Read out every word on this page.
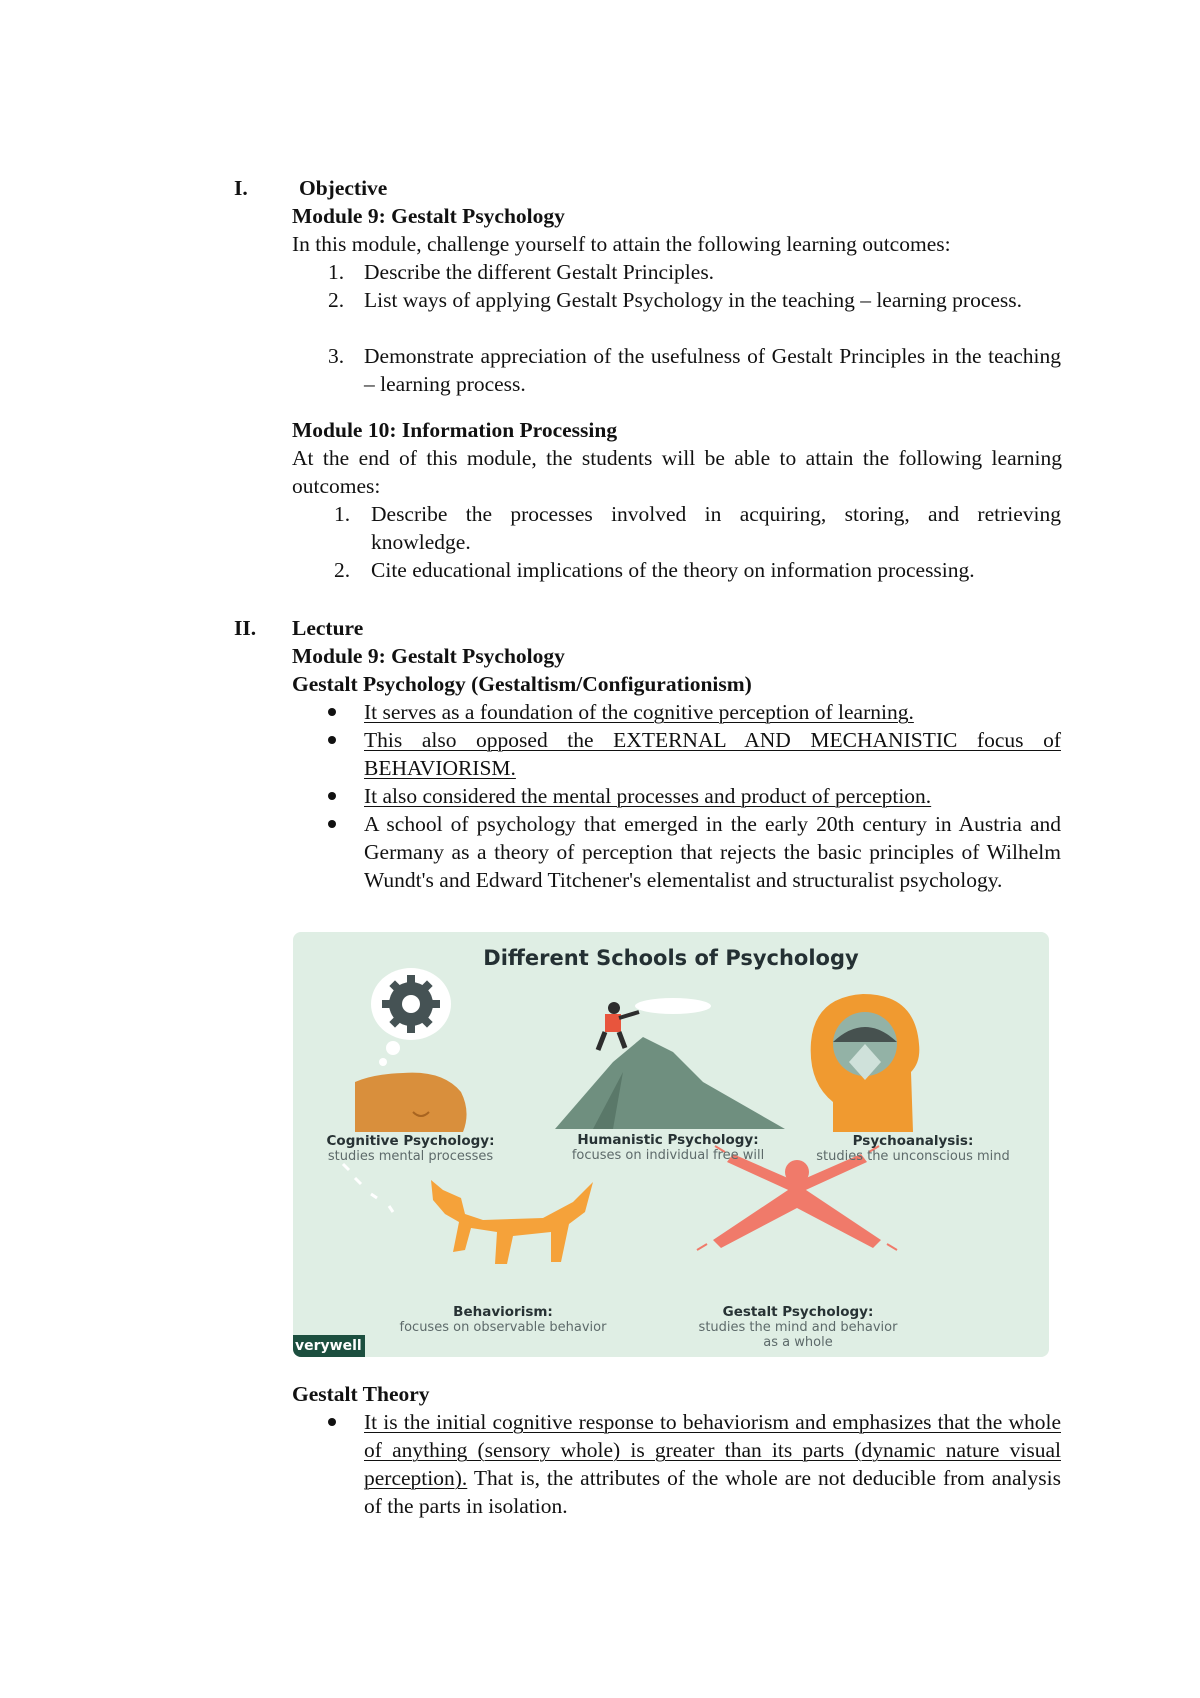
I.	Objective
Module 9: Gestalt Psychology
In this module, challenge yourself to attain the following learning outcomes:
1. Describe the different Gestalt Principles.
2. List ways of applying Gestalt Psychology in the teaching – learning process.
3. Demonstrate appreciation of the usefulness of Gestalt Principles in the teaching – learning process.
Module 10: Information Processing
At the end of this module, the students will be able to attain the following learning outcomes:
1. Describe the processes involved in acquiring, storing, and retrieving knowledge.
2. Cite educational implications of the theory on information processing.
II.	Lecture
Module 9: Gestalt Psychology
Gestalt Psychology (Gestaltism/Configurationism)
It serves as a foundation of the cognitive perception of learning.
This also opposed the EXTERNAL AND MECHANISTIC focus of BEHAVIORISM.
It also considered the mental processes and product of perception.
A school of psychology that emerged in the early 20th century in Austria and Germany as a theory of perception that rejects the basic principles of Wilhelm Wundt's and Edward Titchener's elementalist and structuralist psychology.
Different Schools of Psychology
Cognitive Psychology:
studies mental processes
Humanistic Psychology:
focuses on individual free will
Psychoanalysis:
studies the unconscious mind
Behaviorism:
focuses on observable behavior
Gestalt Psychology:
studies the mind and behavior
as a whole
verywell
Gestalt Theory
It is the initial cognitive response to behaviorism and emphasizes that the whole of anything (sensory whole) is greater than its parts (dynamic nature visual perception). That is, the attributes of the whole are not deducible from analysis of the parts in isolation.
